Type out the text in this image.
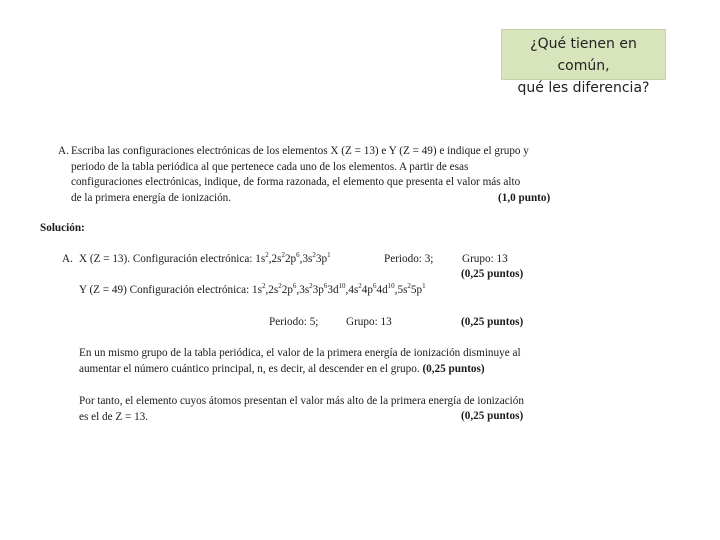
¿Qué tienen en común,
qué les diferencia?
A. Escriba las configuraciones electrónicas de los elementos X (Z = 13) e Y (Z = 49) e indique el grupo y
periodo de la tabla periódica al que pertenece cada uno de los elementos. A partir de esas
configuraciones electrónicas, indique, de forma razonada, el elemento que presenta el valor más alto
de la primera energía de ionización.	(1,0 punto)
Solución:
A. X (Z = 13). Configuración electrónica: $1s^2,2s^22p^6,3s^23p^1$	Periodo: 3;	Grupo: 13
(0,25 puntos)
Y (Z = 49) Configuración electrónica: $1s^2,2s^22p^6,3s^23p^63d^{10},4s^24p^64d^{10},5s^25p^1$
Periodo: 5; Grupo: 13	(0,25 puntos)
En un mismo grupo de la tabla periódica, el valor de la primera energía de ionización disminuye al
aumentar el número cuántico principal, n, es decir, al descender en el grupo. (0,25 puntos)
Por tanto, el elemento cuyos átomos presentan el valor más alto de la primera energía de ionización
es el de Z = 13.	(0,25 puntos)
